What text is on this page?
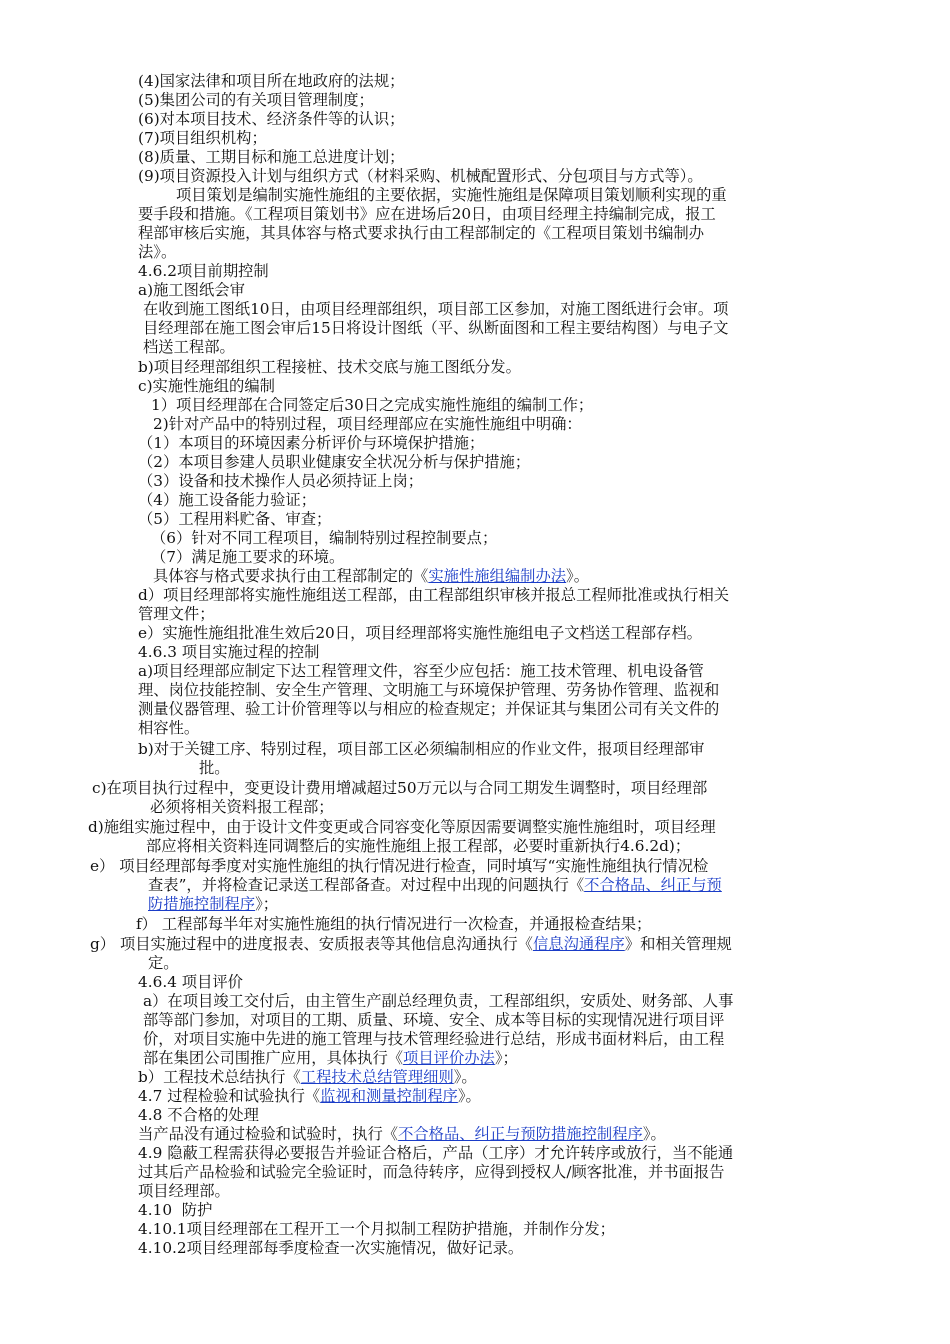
(4)国家法律和项目所在地政府的法规；
(5)集团公司的有关项目管理制度；
(6)对本项目技术、经济条件等的认识；
(7)项目组织机构；
(8)质量、工期目标和施工总进度计划；
(9)项目资源投入计划与组织方式（材料采购、机械配置形式、分包项目与方式等）。
项目策划是编制实施性施组的主要依据，实施性施组是保障项目策划顺利实现的重
要手段和措施。《工程项目策划书》应在进场后20日，由项目经理主持编制完成，报工
程部审核后实施，其具体容与格式要求执行由工程部制定的《工程项目策划书编制办
法》。
4.6.2项目前期控制
a)施工图纸会审
在收到施工图纸10日，由项目经理部组织，项目部工区参加，对施工图纸进行会审。项
目经理部在施工图会审后15日将设计图纸（平、纵断面图和工程主要结构图）与电子文
档送工程部。
b)项目经理部组织工程接桩、技术交底与施工图纸分发。
c)实施性施组的编制
1）项目经理部在合同签定后30日之完成实施性施组的编制工作；
2)针对产品中的特别过程，项目经理部应在实施性施组中明确：
（1）本项目的环境因素分析评价与环境保护措施；
（2）本项目参建人员职业健康安全状况分析与保护措施；
（3）设备和技术操作人员必须持证上岗；
（4）施工设备能力验证；
（5）工程用料贮备、审查；
（6）针对不同工程项目，编制特别过程控制要点；
（7）满足施工要求的环境。
具体容与格式要求执行由工程部制定的《实施性施组编制办法》。
d）项目经理部将实施性施组送工程部，由工程部组织审核并报总工程师批准或执行相关
管理文件；
e）实施性施组批准生效后20日，项目经理部将实施性施组电子文档送工程部存档。
4.6.3 项目实施过程的控制
a)项目经理部应制定下达工程管理文件，容至少应包括：施工技术管理、机电设备管
理、岗位技能控制、安全生产管理、文明施工与环境保护管理、劳务协作管理、监视和
测量仪器管理、验工计价管理等以与相应的检查规定；并保证其与集团公司有关文件的
相容性。
b)对于关键工序、特别过程，项目部工区必须编制相应的作业文件，报项目经理部审
批。
c)在项目执行过程中，变更设计费用增减超过50万元以与合同工期发生调整时，项目经理部
必须将相关资料报工程部；
d)施组实施过程中，由于设计文件变更或合同容变化等原因需要调整实施性施组时，项目经理
部应将相关资料连同调整后的实施性施组上报工程部，必要时重新执行4.6.2d)；
e） 项目经理部每季度对实施性施组的执行情况进行检查，同时填写“实施性施组执行情况检
查表”，并将检查记录送工程部备查。对过程中出现的问题执行《不合格品、纠正与预
防措施控制程序》；
f） 工程部每半年对实施性施组的执行情况进行一次检查，并通报检查结果；
g） 项目实施过程中的进度报表、安质报表等其他信息沟通执行《信息沟通程序》和相关管理规
定。
4.6.4 项目评价
a）在项目竣工交付后，由主管生产副总经理负责，工程部组织，安质处、财务部、人事
部等部门参加，对项目的工期、质量、环境、安全、成本等目标的实现情况进行项目评
价，对项目实施中先进的施工管理与技术管理经验进行总结，形成书面材料后，由工程
部在集团公司围推广应用，具体执行《项目评价办法》；
b）工程技术总结执行《工程技术总结管理细则》。
4.7 过程检验和试验执行《监视和测量控制程序》。
4.8 不合格的处理
当产品没有通过检验和试验时，执行《不合格品、纠正与预防措施控制程序》。
4.9 隐蔽工程需获得必要报告并验证合格后，产品（工序）才允许转序或放行，当不能通
过其后产品检验和试验完全验证时，而急待转序，应得到授权人/顾客批准，并书面报告
项目经理部。
4.10  防护
4.10.1项目经理部在工程开工一个月拟制工程防护措施，并制作分发；
4.10.2项目经理部每季度检查一次实施情况，做好记录。
